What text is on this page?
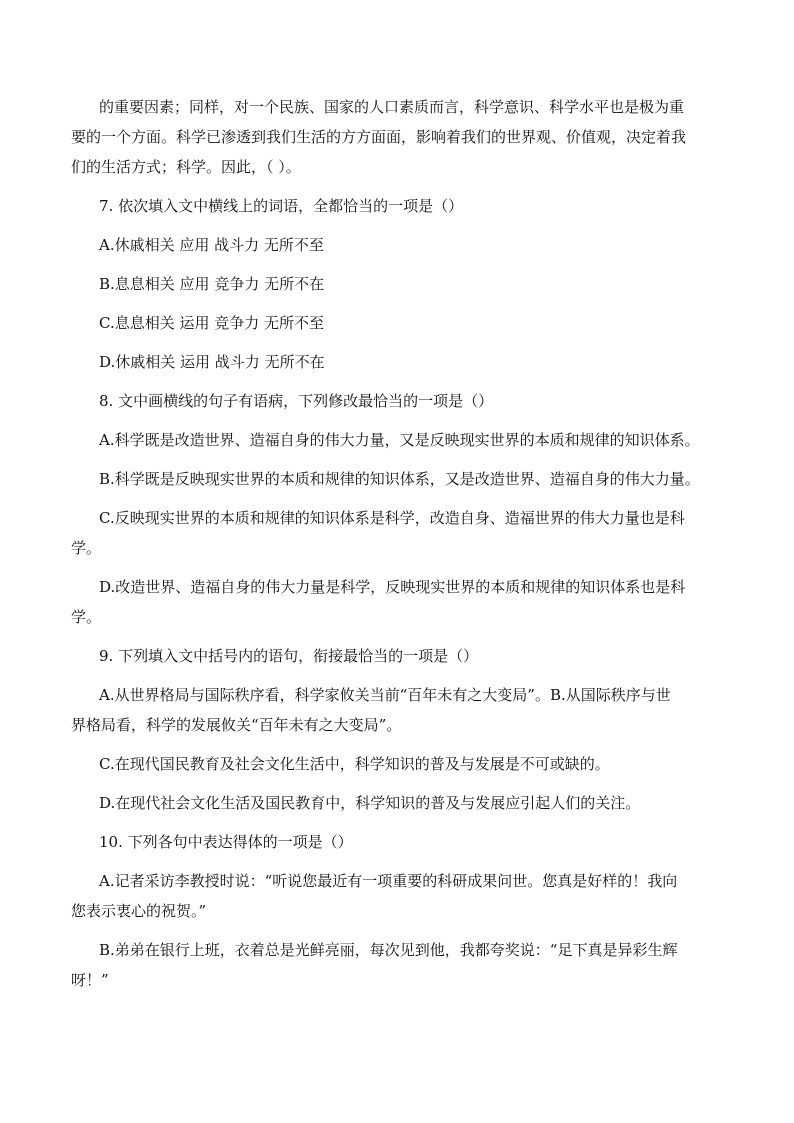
的重要因素；同样，对一个民族、国家的人口素质而言，科学意识、科学水平也是极为重

要的一个方面。科学已渗透到我们生活的方方面面，影响着我们的世界观、价值观，决定着我

们的生活方式；科学。因此，（ ）。

7. 依次填入文中横线上的词语，全都恰当的一项是（）

A.休戚相关 应用 战斗力 无所不至

B.息息相关 应用 竞争力 无所不在

C.息息相关 运用 竞争力 无所不至

D.休戚相关 运用 战斗力 无所不在

8. 文中画横线的句子有语病，下列修改最恰当的一项是（）

A.科学既是改造世界、造福自身的伟大力量，又是反映现实世界的本质和规律的知识体系。

B.科学既是反映现实世界的本质和规律的知识体系，又是改造世界、造福自身的伟大力量。

C.反映现实世界的本质和规律的知识体系是科学，改造自身、造福世界的伟大力量也是科

学。

D.改造世界、造福自身的伟大力量是科学，反映现实世界的本质和规律的知识体系也是科

学。

9. 下列填入文中括号内的语句，衔接最恰当的一项是（）

A.从世界格局与国际秩序看，科学家攸关当前“百年未有之大变局”。B.从国际秩序与世

界格局看，科学的发展攸关“百年未有之大变局”。

C.在现代国民教育及社会文化生活中，科学知识的普及与发展是不可或缺的。

D.在现代社会文化生活及国民教育中，科学知识的普及与发展应引起人们的关注。

10. 下列各句中表达得体的一项是（）

A.记者采访李教授时说：“听说您最近有一项重要的科研成果问世。您真是好样的！我向

您表示衷心的祝贺。”

B.弟弟在银行上班，衣着总是光鲜亮丽，每次见到他，我都夸奖说：“足下真是异彩生辉

呀！”
